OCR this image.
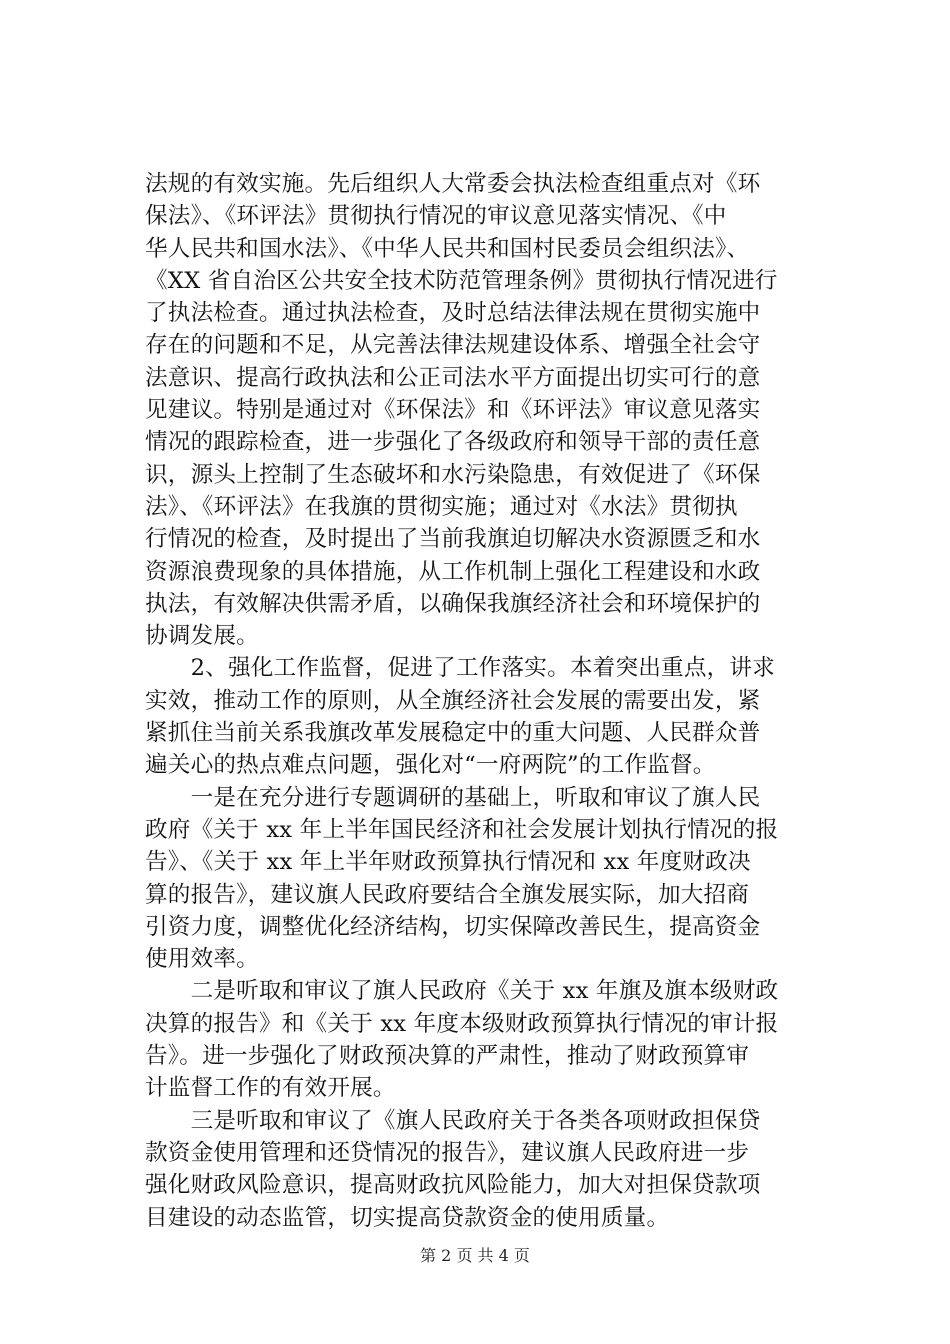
法规的有效实施。先后组织人大常委会执法检查组重点对《环
保法》、《环评法》贯彻执行情况的审议意见落实情况、《中
华人民共和国水法》、《中华人民共和国村民委员会组织法》、
《XX 省自治区公共安全技术防范管理条例》贯彻执行情况进行
了执法检查。通过执法检查，及时总结法律法规在贯彻实施中
存在的问题和不足，从完善法律法规建设体系、增强全社会守
法意识、提高行政执法和公正司法水平方面提出切实可行的意
见建议。特别是通过对《环保法》和《环评法》审议意见落实
情况的跟踪检查，进一步强化了各级政府和领导干部的责任意
识，源头上控制了生态破坏和水污染隐患，有效促进了《环保
法》、《环评法》在我旗的贯彻实施；通过对《水法》贯彻执
行情况的检查，及时提出了当前我旗迫切解决水资源匮乏和水
资源浪费现象的具体措施，从工作机制上强化工程建设和水政
执法，有效解决供需矛盾，以确保我旗经济社会和环境保护的
协调发展。
　　2、强化工作监督，促进了工作落实。本着突出重点，讲求
实效，推动工作的原则，从全旗经济社会发展的需要出发，紧
紧抓住当前关系我旗改革发展稳定中的重大问题、人民群众普
遍关心的热点难点问题，强化对“一府两院”的工作监督。
　　一是在充分进行专题调研的基础上，听取和审议了旗人民
政府《关于 xx 年上半年国民经济和社会发展计划执行情况的报
告》、《关于 xx 年上半年财政预算执行情况和 xx 年度财政决
算的报告》，建议旗人民政府要结合全旗发展实际，加大招商
引资力度，调整优化经济结构，切实保障改善民生，提高资金
使用效率。
　　二是听取和审议了旗人民政府《关于 xx 年旗及旗本级财政
决算的报告》和《关于 xx 年度本级财政预算执行情况的审计报
告》。进一步强化了财政预决算的严肃性，推动了财政预算审
计监督工作的有效开展。
　　三是听取和审议了《旗人民政府关于各类各项财政担保贷
款资金使用管理和还贷情况的报告》，建议旗人民政府进一步
强化财政风险意识，提高财政抗风险能力，加大对担保贷款项
目建设的动态监管，切实提高贷款资金的使用质量。
第 2 页 共 4 页
